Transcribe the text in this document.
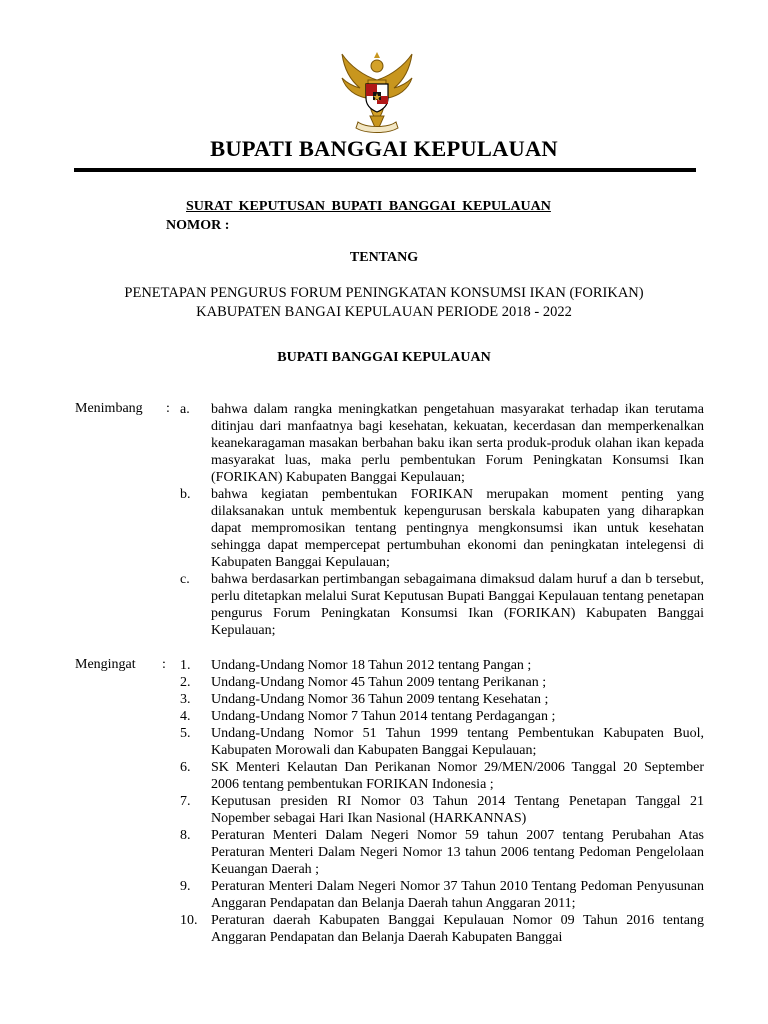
BUPATI BANGGAI KEPULAUAN
SURAT KEPUTUSAN BUPATI BANGGAI KEPULAUAN
NOMOR :
TENTANG
PENETAPAN PENGURUS FORUM PENINGKATAN KONSUMSI IKAN (FORIKAN)
KABUPATEN BANGAI KEPULAUAN PERIODE 2018 - 2022
BUPATI BANGGAI KEPULAUAN
Menimbang : a.	bahwa dalam rangka meningkatkan pengetahuan masyarakat terhadap ikan terutama ditinjau dari manfaatnya bagi kesehatan, kekuatan, kecerdasan dan memperkenalkan keanekaragaman masakan berbahan baku ikan serta produk-produk olahan ikan kepada masyarakat luas, maka perlu pembentukan Forum Peningkatan Konsumsi Ikan (FORIKAN) Kabupaten Banggai Kepulauan;
b.	bahwa kegiatan pembentukan FORIKAN merupakan moment penting yang dilaksanakan untuk membentuk kepengurusan berskala kabupaten yang diharapkan dapat mempromosikan tentang pentingnya mengkonsumsi ikan untuk kesehatan sehingga dapat mempercepat pertumbuhan ekonomi dan peningkatan intelegensi di Kabupaten Banggai Kepulauan;
c.	bahwa berdasarkan pertimbangan sebagaimana dimaksud dalam huruf a dan b tersebut, perlu ditetapkan melalui Surat Keputusan Bupati Banggai Kepulauan tentang penetapan pengurus Forum Peningkatan Konsumsi Ikan (FORIKAN) Kabupaten Banggai Kepulauan;
Mengingat : 1.	Undang-Undang Nomor 18 Tahun 2012 tentang Pangan ;
2.	Undang-Undang Nomor 45 Tahun 2009 tentang Perikanan ;
3.	Undang-Undang Nomor 36 Tahun 2009 tentang Kesehatan ;
4.	Undang-Undang Nomor 7 Tahun 2014 tentang Perdagangan ;
5.	Undang-Undang Nomor 51 Tahun 1999 tentang Pembentukan Kabupaten Buol, Kabupaten Morowali dan Kabupaten Banggai Kepulauan;
6.	SK Menteri Kelautan Dan Perikanan Nomor 29/MEN/2006 Tanggal 20 September 2006 tentang pembentukan FORIKAN Indonesia ;
7.	Keputusan presiden RI Nomor 03 Tahun 2014 Tentang Penetapan Tanggal 21 Nopember sebagai Hari Ikan Nasional (HARKANNAS)
8.	Peraturan Menteri Dalam Negeri Nomor 59 tahun 2007 tentang Perubahan Atas Peraturan Menteri Dalam Negeri Nomor 13 tahun 2006 tentang Pedoman Pengelolaan Keuangan Daerah ;
9.	Peraturan Menteri Dalam Negeri Nomor 37 Tahun 2010 Tentang Pedoman Penyusunan Anggaran Pendapatan dan Belanja Daerah tahun Anggaran 2011;
10. Peraturan daerah Kabupaten Banggai Kepulauan Nomor 09 Tahun 2016 tentang Anggaran Pendapatan dan Belanja Daerah Kabupaten Banggai
